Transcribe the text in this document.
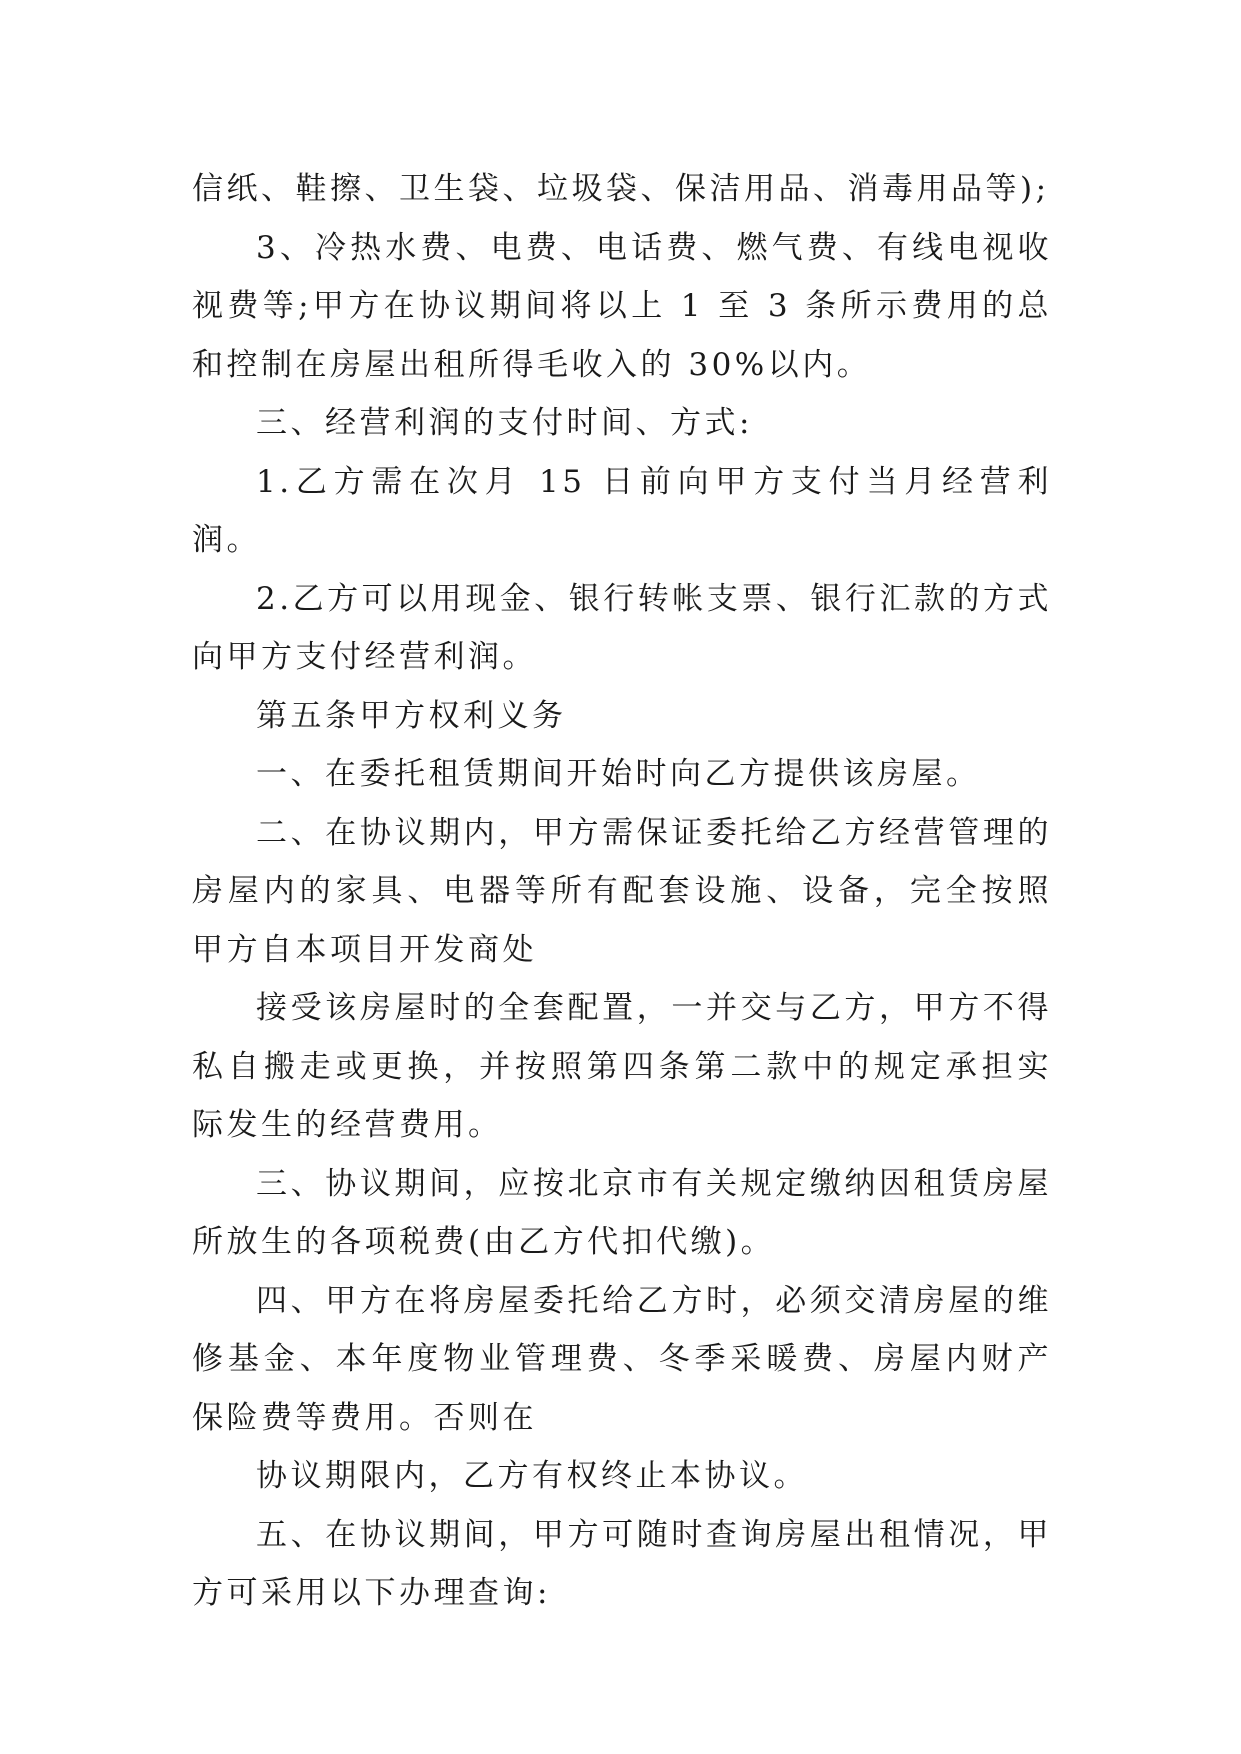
信纸、鞋擦、卫生袋、垃圾袋、保洁用品、消毒用品等);

3、冷热水费、电费、电话费、燃气费、有线电视收视费等;甲方在协议期间将以上 1 至 3 条所示费用的总和控制在房屋出租所得毛收入的 30%以内。

三、经营利润的支付时间、方式:

1.乙方需在次月 15 日前向甲方支付当月经营利润。

2.乙方可以用现金、银行转帐支票、银行汇款的方式向甲方支付经营利润。

第五条甲方权利义务

一、在委托租赁期间开始时向乙方提供该房屋。

二、在协议期内，甲方需保证委托给乙方经营管理的房屋内的家具、电器等所有配套设施、设备，完全按照甲方自本项目开发商处

接受该房屋时的全套配置，一并交与乙方，甲方不得私自搬走或更换，并按照第四条第二款中的规定承担实际发生的经营费用。

三、协议期间，应按北京市有关规定缴纳因租赁房屋所放生的各项税费(由乙方代扣代缴)。

四、甲方在将房屋委托给乙方时，必须交清房屋的维修基金、本年度物业管理费、冬季采暖费、房屋内财产保险费等费用。否则在

协议期限内，乙方有权终止本协议。

五、在协议期间，甲方可随时查询房屋出租情况，甲方可采用以下办理查询:
